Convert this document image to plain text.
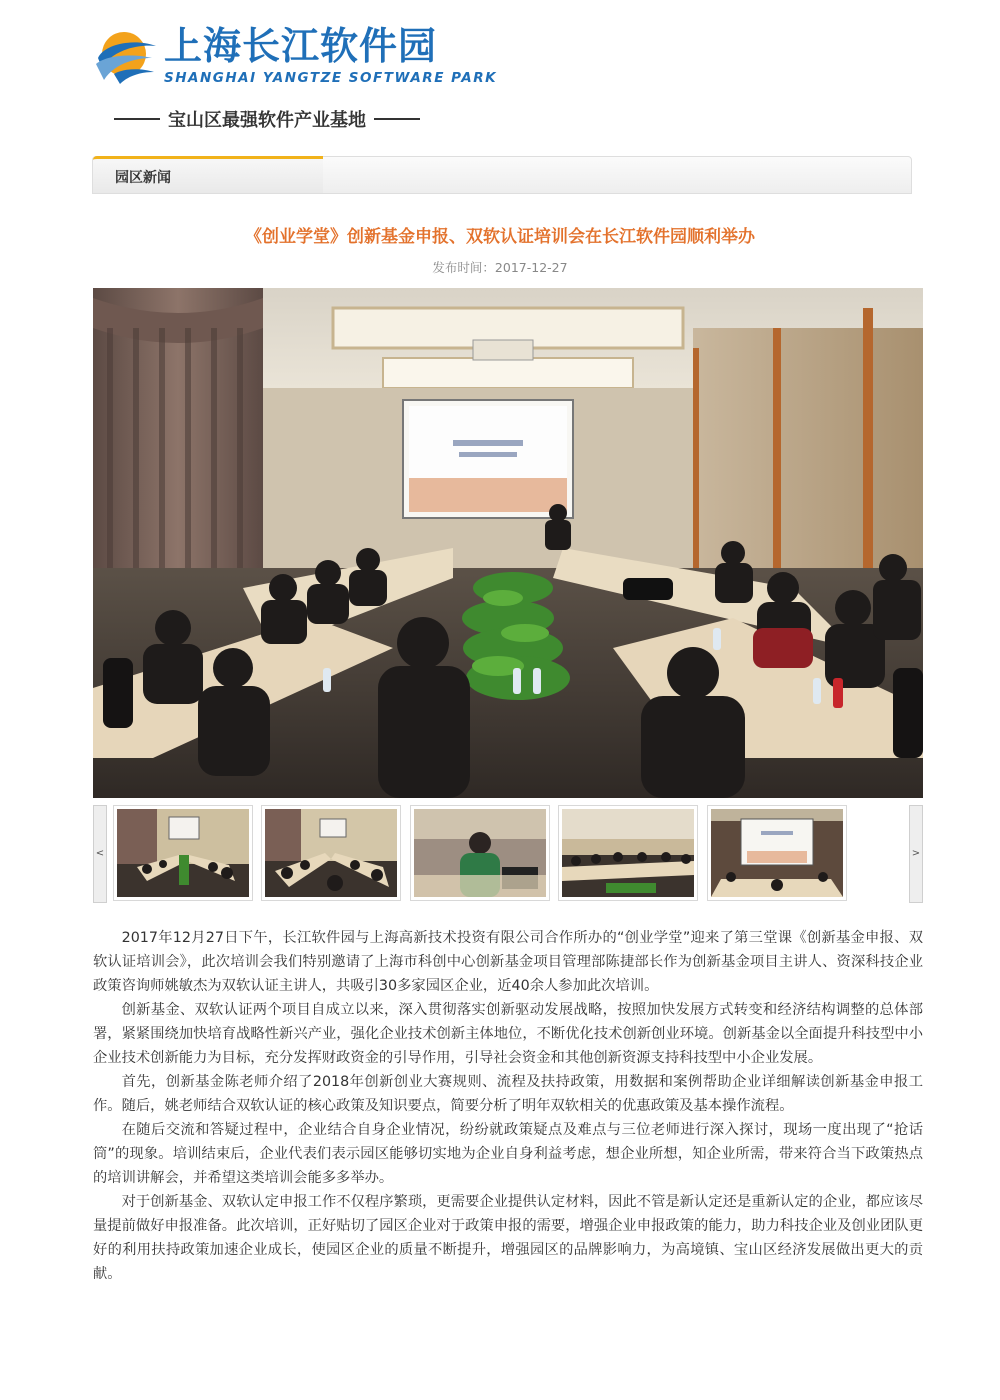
上海长江软件园
SHANGHAI YANGTZE SOFTWARE PARK
宝山区最强软件产业基地
园区新闻
《创业学堂》创新基金申报、双软认证培训会在长江软件园顺利举办
发布时间：2017-12-27
<	>

2017年12月27日下午，长江软件园与上海高新技术投资有限公司合作所办的“创业学堂”迎来了第三堂课《创新基金申报、双软认证培训会》，此次培训会我们特别邀请了上海市科创中心创新基金项目管理部陈捷部长作为创新基金项目主讲人、资深科技企业政策咨询师姚敏杰为双软认证主讲人，共吸引30多家园区企业，近40余人参加此次培训。

创新基金、双软认证两个项目自成立以来，深入贯彻落实创新驱动发展战略，按照加快发展方式转变和经济结构调整的总体部署，紧紧围绕加快培育战略性新兴产业，强化企业技术创新主体地位，不断优化技术创新创业环境。创新基金以全面提升科技型中小企业技术创新能力为目标，充分发挥财政资金的引导作用，引导社会资金和其他创新资源支持科技型中小企业发展。

首先，创新基金陈老师介绍了2018年创新创业大赛规则、流程及扶持政策，用数据和案例帮助企业详细解读创新基金申报工作。随后，姚老师结合双软认证的核心政策及知识要点，简要分析了明年双软相关的优惠政策及基本操作流程。

在随后交流和答疑过程中，企业结合自身企业情况，纷纷就政策疑点及难点与三位老师进行深入探讨，现场一度出现了“抢话筒”的现象。培训结束后，企业代表们表示园区能够切实地为企业自身利益考虑，想企业所想，知企业所需，带来符合当下政策热点的培训讲解会，并希望这类培训会能多多举办。

对于创新基金、双软认定申报工作不仅程序繁琐，更需要企业提供认定材料，因此不管是新认定还是重新认定的企业，都应该尽量提前做好申报准备。此次培训，正好贴切了园区企业对于政策申报的需要，增强企业申报政策的能力，助力科技企业及创业团队更好的利用扶持政策加速企业成长，使园区企业的质量不断提升，增强园区的品牌影响力，为高境镇、宝山区经济发展做出更大的贡献。
